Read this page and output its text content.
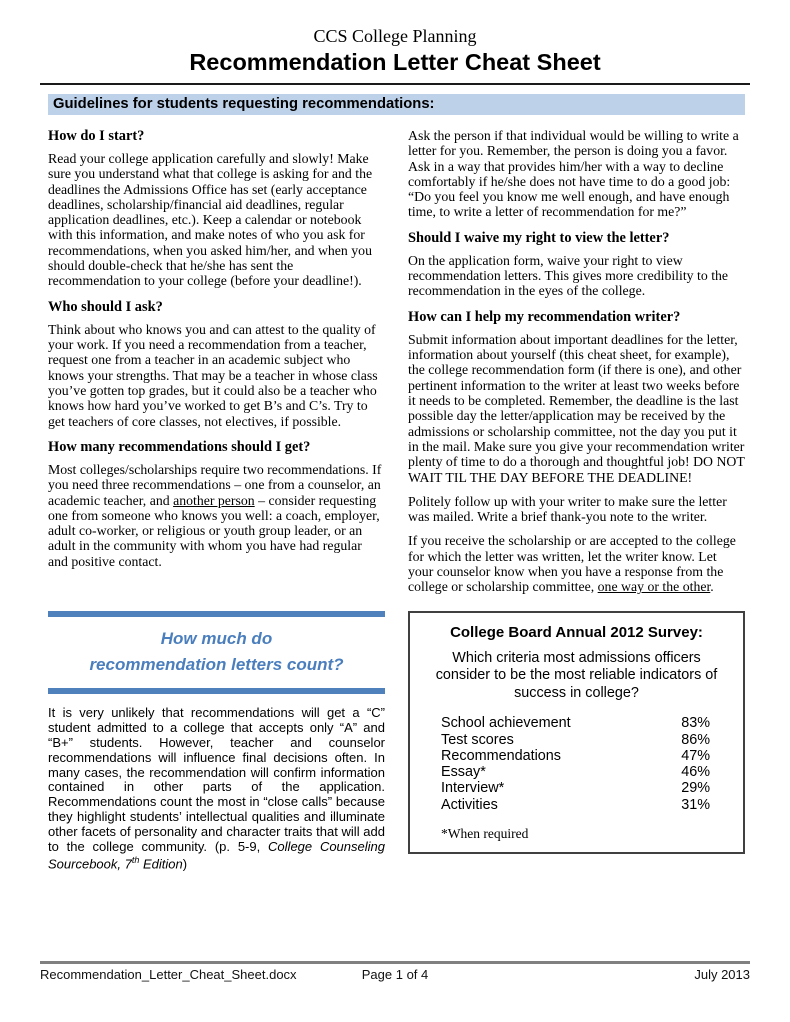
CCS College Planning
Recommendation Letter Cheat Sheet
Guidelines for students requesting recommendations:
How do I start?

Read your college application carefully and slowly! Make sure you understand what that college is asking for and the deadlines the Admissions Office has set (early acceptance deadlines, scholarship/financial aid deadlines, regular application deadlines, etc.). Keep a calendar or notebook with this information, and make notes of who you ask for recommendations, when you asked him/her, and when you should double-check that he/she has sent the recommendation to your college (before your deadline!).

Who should I ask?

Think about who knows you and can attest to the quality of your work. If you need a recommendation from a teacher, request one from a teacher in an academic subject who knows your strengths. That may be a teacher in whose class you’ve gotten top grades, but it could also be a teacher who knows how hard you’ve worked to get B’s and C’s. Try to get teachers of core classes, not electives, if possible.

How many recommendations should I get?

Most colleges/scholarships require two recommendations. If you need three recommendations – one from a counselor, an academic teacher, and another person – consider requesting one from someone who knows you well: a coach, employer, adult co-worker, or religious or youth group leader, or an adult in the community with whom you have had regular and positive contact.

How much do
recommendation letters count?

It is very unlikely that recommendations will get a “C” student admitted to a college that accepts only “A” and “B+” students. However, teacher and counselor recommendations will influence final decisions often. In many cases, the recommendation will confirm information contained in other parts of the application. Recommendations count the most in “close calls” because they highlight students’ intellectual qualities and illuminate other facets of personality and character traits that will add to the college community. (p. 5-9, College Counseling Sourcebook, 7th Edition)

Ask the person if that individual would be willing to write a letter for you. Remember, the person is doing you a favor. Ask in a way that provides him/her with a way to decline comfortably if he/she does not have time to do a good job: “Do you feel you know me well enough, and have enough time, to write a letter of recommendation for me?”

Should I waive my right to view the letter?

On the application form, waive your right to view recommendation letters. This gives more credibility to the recommendation in the eyes of the college.

How can I help my recommendation writer?

Submit information about important deadlines for the letter, information about yourself (this cheat sheet, for example), the college recommendation form (if there is one), and other pertinent information to the writer at least two weeks before it needs to be completed. Remember, the deadline is the last possible day the letter/application may be received by the admissions or scholarship committee, not the day you put it in the mail. Make sure you give your recommendation writer plenty of time to do a thorough and thoughtful job! DO NOT WAIT TIL THE DAY BEFORE THE DEADLINE!

Politely follow up with your writer to make sure the letter was mailed. Write a brief thank-you note to the writer.

If you receive the scholarship or are accepted to the college for which the letter was written, let the writer know. Let your counselor know when you have a response from the college or scholarship committee, one way or the other.

College Board Annual 2012 Survey:
Which criteria most admissions officers consider to be the most reliable indicators of success in college?
School achievement	83%
Test scores	86%
Recommendations	47%
Essay*	46%
Interview*	29%
Activities	31%
*When required
Recommendation_Letter_Cheat_Sheet.docx	Page 1 of 4	July 2013
